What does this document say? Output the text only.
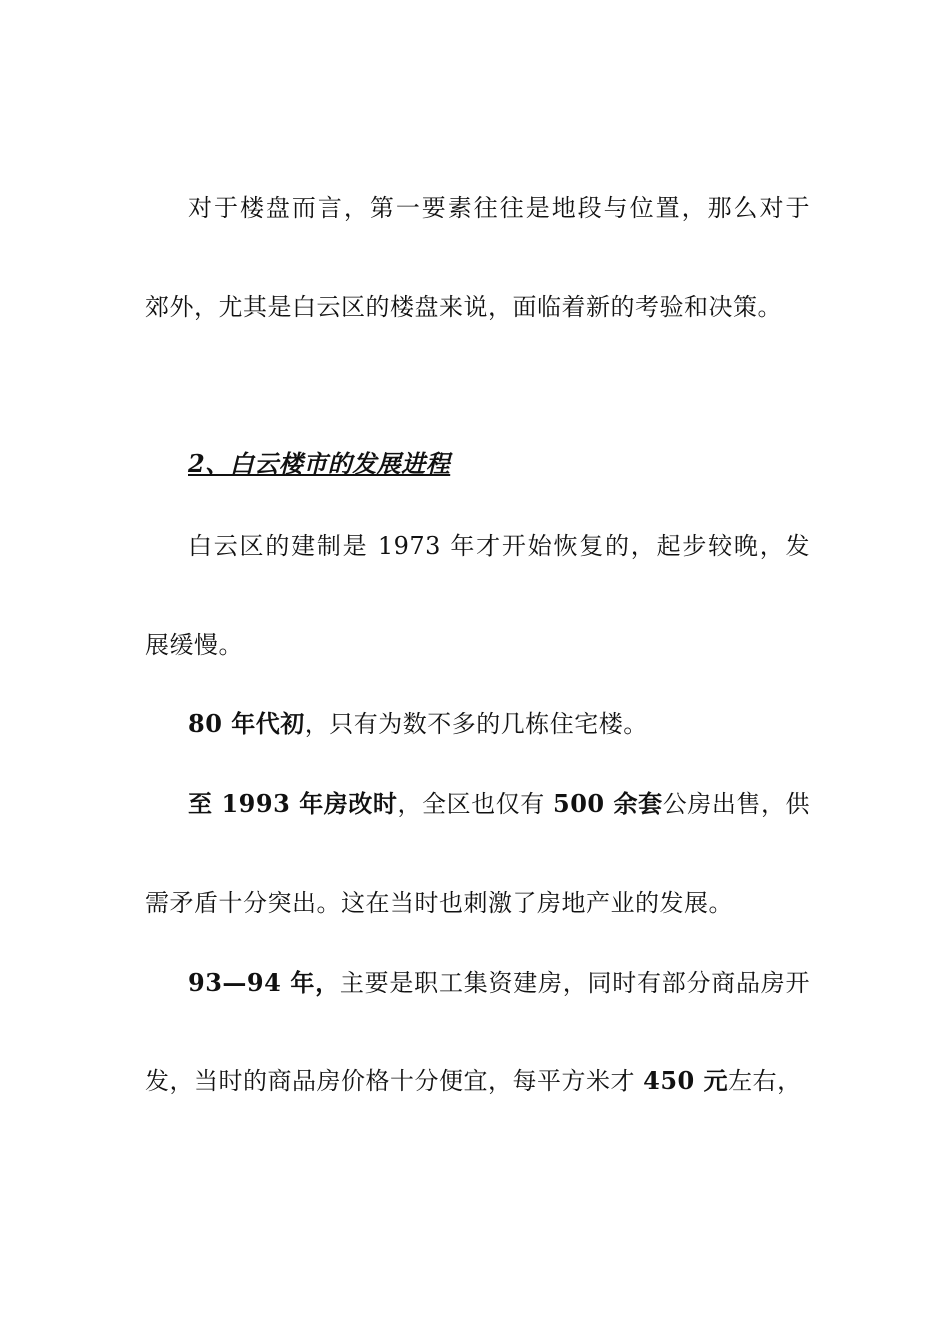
对于楼盘而言，第一要素往往是地段与位置，那么对于
郊外，尤其是白云区的楼盘来说，面临着新的考验和决策。
2、白云楼市的发展进程
白云区的建制是 1973 年才开始恢复的，起步较晚，发
展缓慢。
80 年代初，只有为数不多的几栋住宅楼。
至 1993 年房改时，全区也仅有 500 余套公房出售，供
需矛盾十分突出。这在当时也刺激了房地产业的发展。
93—94 年，主要是职工集资建房，同时有部分商品房开
发，当时的商品房价格十分便宜，每平方米才 450 元左右，
